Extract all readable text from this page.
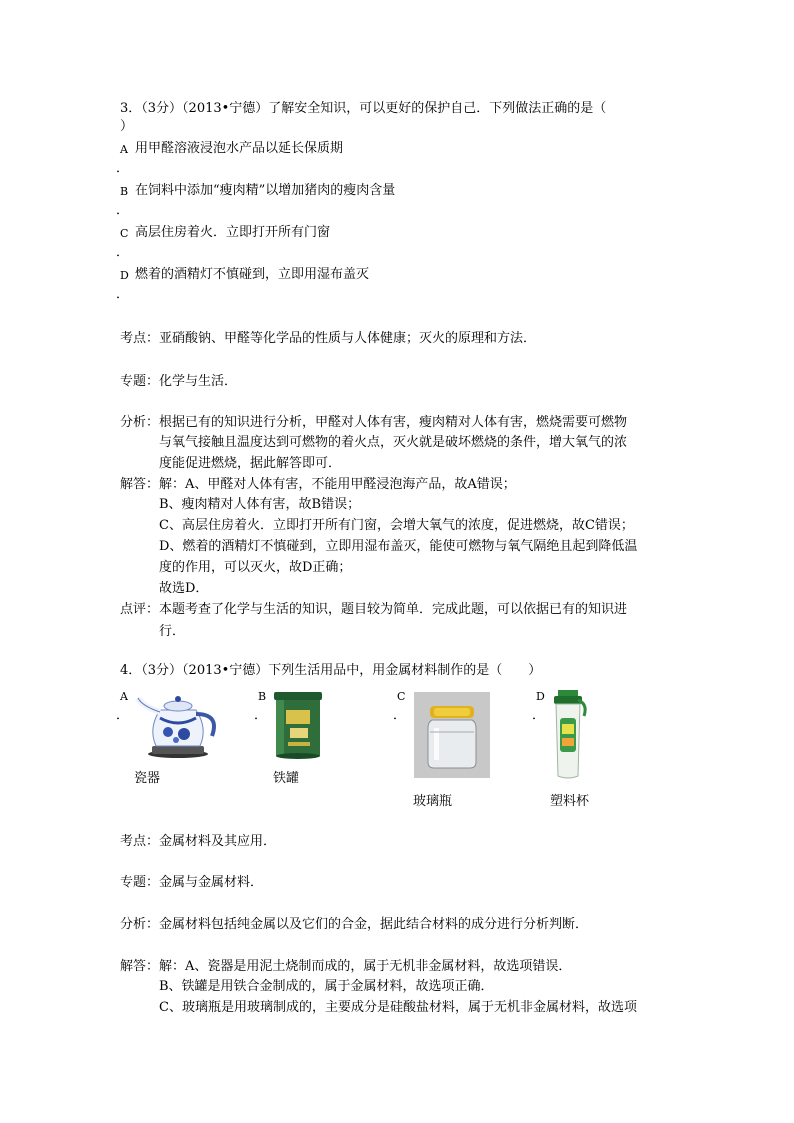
3．（3分）（2013•宁德）了解安全知识，可以更好的保护自己．下列做法正确的是（
）
A 用甲醛溶液浸泡水产品以延长保质期
．
B 在饲料中添加“瘦肉精”以增加猪肉的瘦肉含量
．
C 高层住房着火．立即打开所有门窗
．
D 燃着的酒精灯不慎碰到，立即用湿布盖灭
．
考点：亚硝酸钠、甲醛等化学品的性质与人体健康；灭火的原理和方法．
专题：化学与生活．
分析：根据已有的知识进行分析，甲醛对人体有害，瘦肉精对人体有害，燃烧需要可燃物
与氧气接触且温度达到可燃物的着火点，灭火就是破坏燃烧的条件，增大氧气的浓
度能促进燃烧，据此解答即可．
解答：解：A、甲醛对人体有害，不能用甲醛浸泡海产品，故A错误；
B、瘦肉精对人体有害，故B错误；
C、高层住房着火．立即打开所有门窗，会增大氧气的浓度，促进燃烧，故C错误；
D、燃着的酒精灯不慎碰到，立即用湿布盖灭，能使可燃物与氧气隔绝且起到降低温
度的作用，可以灭火，故D正确；
故选D．
点评：本题考查了化学与生活的知识，题目较为简单．完成此题，可以依据已有的知识进
行．
4．（3分）（2013•宁德）下列生活用品中，用金属材料制作的是（　　）
A
．
瓷器
B
．
铁罐
C
．
玻璃瓶
D
．
塑料杯
考点：金属材料及其应用．
专题：金属与金属材料．
分析：金属材料包括纯金属以及它们的合金，据此结合材料的成分进行分析判断．
解答：解：A、瓷器是用泥土烧制而成的，属于无机非金属材料，故选项错误．
B、铁罐是用铁合金制成的，属于金属材料，故选项正确．
C、玻璃瓶是用玻璃制成的，主要成分是硅酸盐材料，属于无机非金属材料，故选项
